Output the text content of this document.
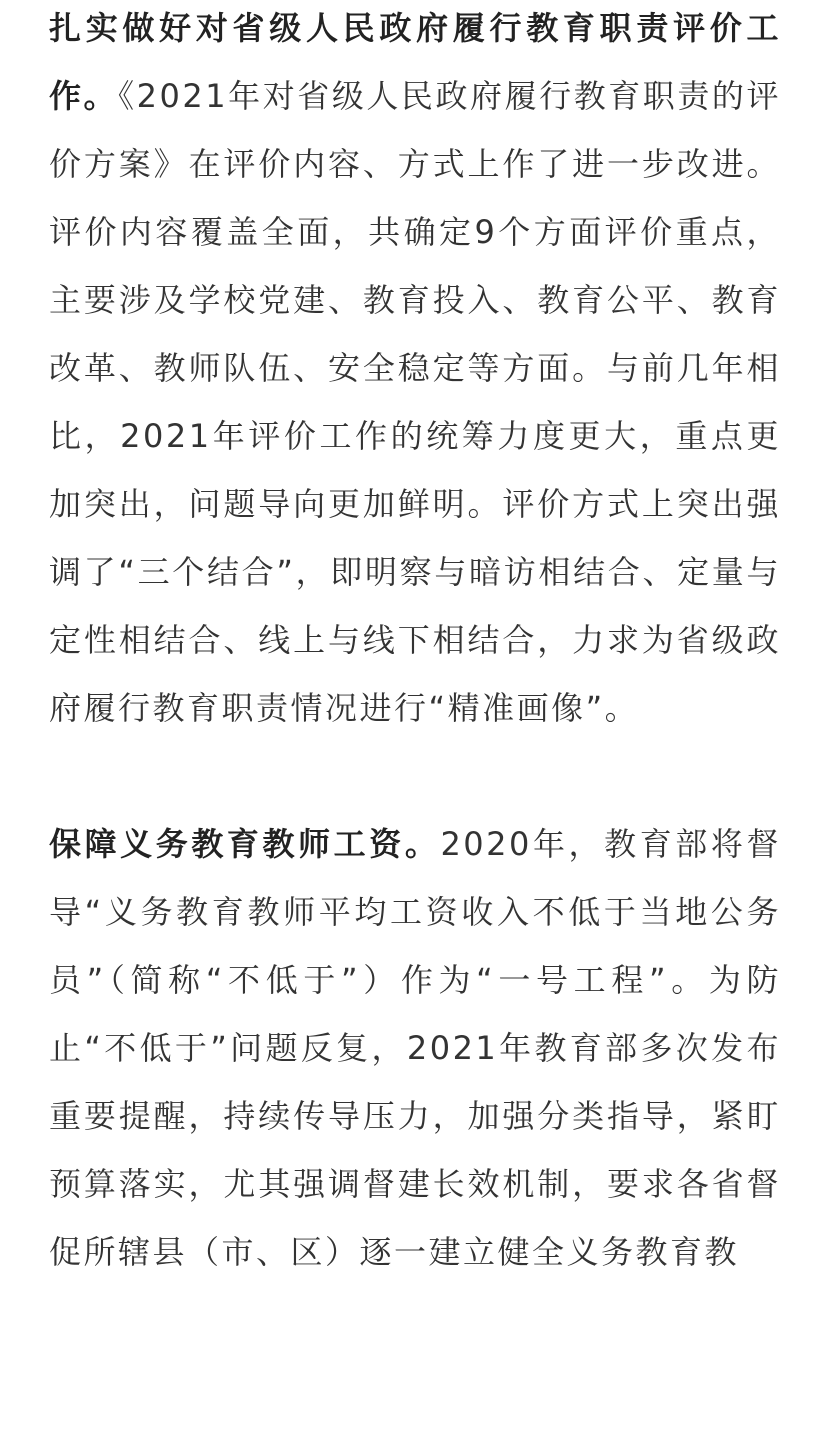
扎实做好对省级人民政府履行教育职责评价工作。《2021年对省级人民政府履行教育职责的评价方案》在评价内容、方式上作了进一步改进。评价内容覆盖全面，共确定9个方面评价重点，主要涉及学校党建、教育投入、教育公平、教育改革、教师队伍、安全稳定等方面。与前几年相比，2021年评价工作的统筹力度更大，重点更加突出，问题导向更加鲜明。评价方式上突出强调了“三个结合”，即明察与暗访相结合、定量与定性相结合、线上与线下相结合，力求为省级政府履行教育职责情况进行“精准画像”。

保障义务教育教师工资。2020年，教育部将督导“义务教育教师平均工资收入不低于当地公务员”（简称“不低于”）作为“一号工程”。为防止“不低于”问题反复，2021年教育部多次发布重要提醒，持续传导压力，加强分类指导，紧盯预算落实，尤其强调督建长效机制，要求各省督促所辖县（市、区）逐一建立健全义务教育教
